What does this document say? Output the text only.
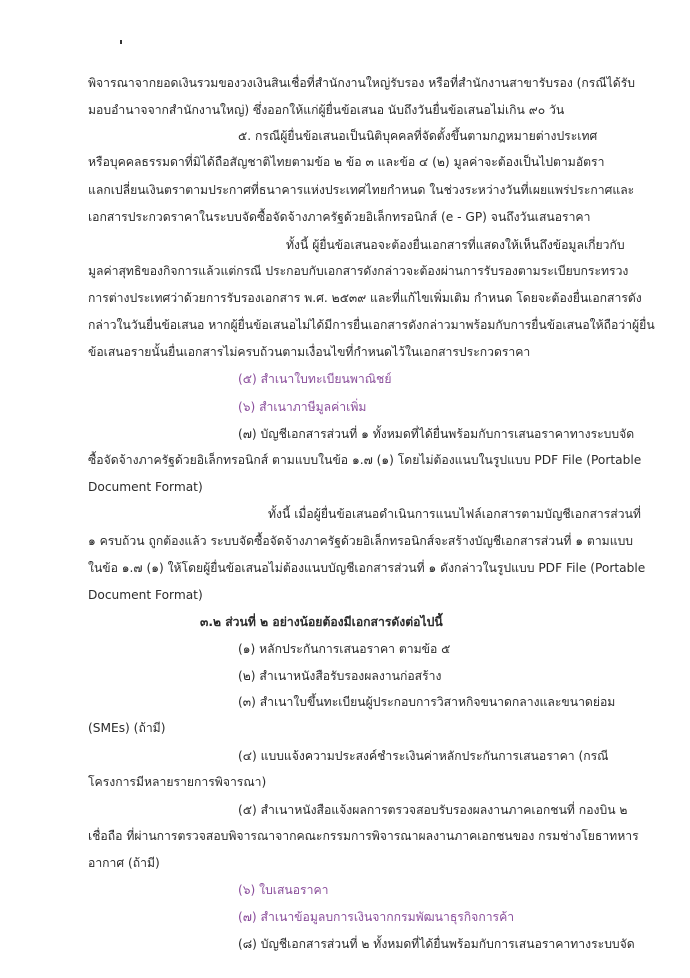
พิจารณาจากยอดเงินรวมของวงเงินสินเชื่อที่สำนักงานใหญ่รับรอง หรือที่สำนักงานสาขารับรอง (กรณีได้รับ
มอบอำนาจจากสำนักงานใหญ่) ซึ่งออกให้แก่ผู้ยื่นข้อเสนอ นับถึงวันยื่นข้อเสนอไม่เกิน ๙๐ วัน
๕. กรณีผู้ยื่นข้อเสนอเป็นนิติบุคคลที่จัดตั้งขึ้นตามกฎหมายต่างประเทศ
หรือบุคคลธรรมดาที่มิได้ถือสัญชาติไทยตามข้อ ๒ ข้อ ๓ และข้อ ๔ (๒) มูลค่าจะต้องเป็นไปตามอัตรา
แลกเปลี่ยนเงินตราตามประกาศที่ธนาคารแห่งประเทศไทยกำหนด ในช่วงระหว่างวันที่เผยแพร่ประกาศและ
เอกสารประกวดราคาในระบบจัดซื้อจัดจ้างภาครัฐด้วยอิเล็กทรอนิกส์ (e - GP) จนถึงวันเสนอราคา
ทั้งนี้ ผู้ยื่นข้อเสนอจะต้องยื่นเอกสารที่แสดงให้เห็นถึงข้อมูลเกี่ยวกับ
มูลค่าสุทธิของกิจการแล้วแต่กรณี ประกอบกับเอกสารดังกล่าวจะต้องผ่านการรับรองตามระเบียบกระทรวง
การต่างประเทศว่าด้วยการรับรองเอกสาร พ.ศ. ๒๕๓๙ และที่แก้ไขเพิ่มเติม กำหนด โดยจะต้องยื่นเอกสารดัง
กล่าวในวันยื่นข้อเสนอ หากผู้ยื่นข้อเสนอไม่ได้มีการยื่นเอกสารดังกล่าวมาพร้อมกับการยื่นข้อเสนอให้ถือว่าผู้ยื่น
ข้อเสนอรายนั้นยื่นเอกสารไม่ครบถ้วนตามเงื่อนไขที่กำหนดไว้ในเอกสารประกวดราคา
(๕) สำเนาใบทะเบียนพาณิชย์
(๖) สำเนาภาษีมูลค่าเพิ่ม
(๗) บัญชีเอกสารส่วนที่ ๑ ทั้งหมดที่ได้ยื่นพร้อมกับการเสนอราคาทางระบบจัด
ซื้อจัดจ้างภาครัฐด้วยอิเล็กทรอนิกส์ ตามแบบในข้อ ๑.๗ (๑) โดยไม่ต้องแนบในรูปแบบ PDF File (Portable
Document Format)
ทั้งนี้ เมื่อผู้ยื่นข้อเสนอดำเนินการแนบไฟล์เอกสารตามบัญชีเอกสารส่วนที่
๑ ครบถ้วน ถูกต้องแล้ว ระบบจัดซื้อจัดจ้างภาครัฐด้วยอิเล็กทรอนิกส์จะสร้างบัญชีเอกสารส่วนที่ ๑ ตามแบบ
ในข้อ ๑.๗ (๑) ให้โดยผู้ยื่นข้อเสนอไม่ต้องแนบบัญชีเอกสารส่วนที่ ๑ ดังกล่าวในรูปแบบ PDF File (Portable
Document Format)
๓.๒ ส่วนที่ ๒ อย่างน้อยต้องมีเอกสารดังต่อไปนี้
(๑) หลักประกันการเสนอราคา ตามข้อ ๕
(๒) สำเนาหนังสือรับรองผลงานก่อสร้าง
(๓) สำเนาใบขึ้นทะเบียนผู้ประกอบการวิสาหกิจขนาดกลางและขนาดย่อม
(SMEs) (ถ้ามี)
(๔) แบบแจ้งความประสงค์ชำระเงินค่าหลักประกันการเสนอราคา (กรณี
โครงการมีหลายรายการพิจารณา)
(๕) สำเนาหนังสือแจ้งผลการตรวจสอบรับรองผลงานภาคเอกชนที่ กองบิน ๒
เชื่อถือ ที่ผ่านการตรวจสอบพิจารณาจากคณะกรรมการพิจารณาผลงานภาคเอกชนของ กรมช่างโยธาทหาร
อากาศ (ถ้ามี)
(๖) ใบเสนอราคา
(๗) สำเนาข้อมูลบการเงินจากกรมพัฒนาธุรกิจการค้า
(๘) บัญชีเอกสารส่วนที่ ๒ ทั้งหมดที่ได้ยื่นพร้อมกับการเสนอราคาทางระบบจัด
